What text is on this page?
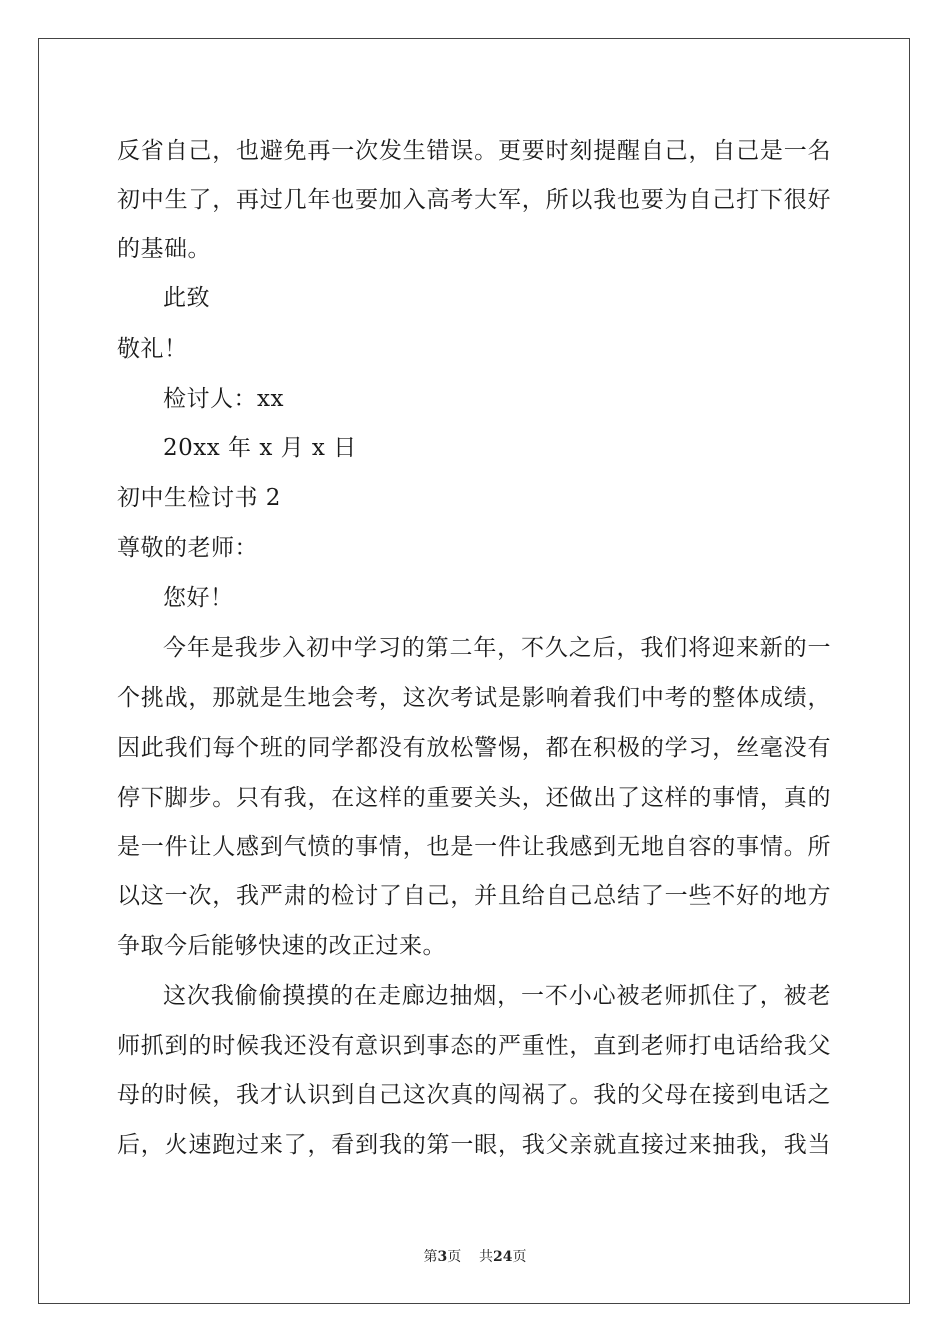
反省自己，也避免再一次发生错误。更要时刻提醒自己，自己是一名
初中生了，再过几年也要加入高考大军，所以我也要为自己打下很好
的基础。
此致
敬礼！
检讨人：xx
20xx 年 x 月 x 日
初中生检讨书 2
尊敬的老师：
您好！
今年是我步入初中学习的第二年，不久之后，我们将迎来新的一
个挑战，那就是生地会考，这次考试是影响着我们中考的整体成绩，
因此我们每个班的同学都没有放松警惕，都在积极的学习，丝毫没有
停下脚步。只有我，在这样的重要关头，还做出了这样的事情，真的
是一件让人感到气愤的事情，也是一件让我感到无地自容的事情。所
以这一次，我严肃的检讨了自己，并且给自己总结了一些不好的地方
争取今后能够快速的改正过来。
这次我偷偷摸摸的在走廊边抽烟，一不小心被老师抓住了，被老
师抓到的时候我还没有意识到事态的严重性，直到老师打电话给我父
母的时候，我才认识到自己这次真的闯祸了。我的父母在接到电话之
后，火速跑过来了，看到我的第一眼，我父亲就直接过来抽我，我当
第3页 共24页
